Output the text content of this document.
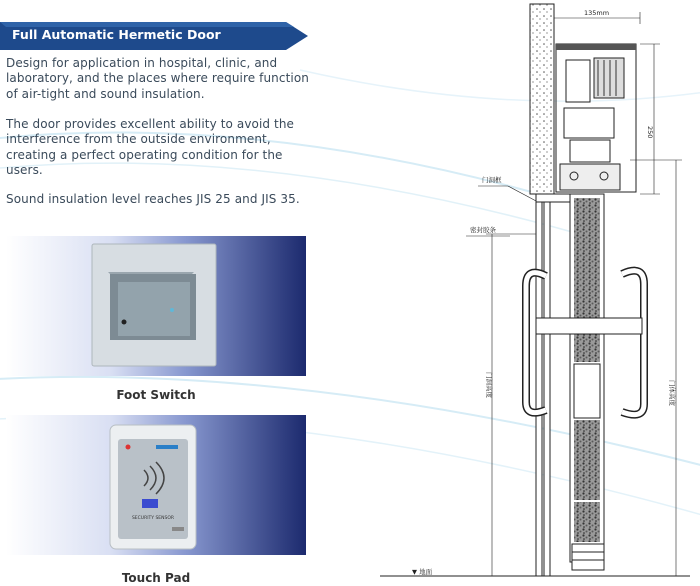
Full Automatic Hermetic Door

Design for application in hospital, clinic, and
laboratory, and the places where require function
of air-tight and sound insulation.

The door provides excellent ability to avoid the
interference from the outside environment,
creating a perfect operating condition for the
users.

Sound insulation level reaches JIS 25 and JIS 35.

Foot Switch
SECURITY SENSOR
Touch Pad
135mm
250
门体高度
门洞高度
门洞框
密封胶条
▼ 地面
